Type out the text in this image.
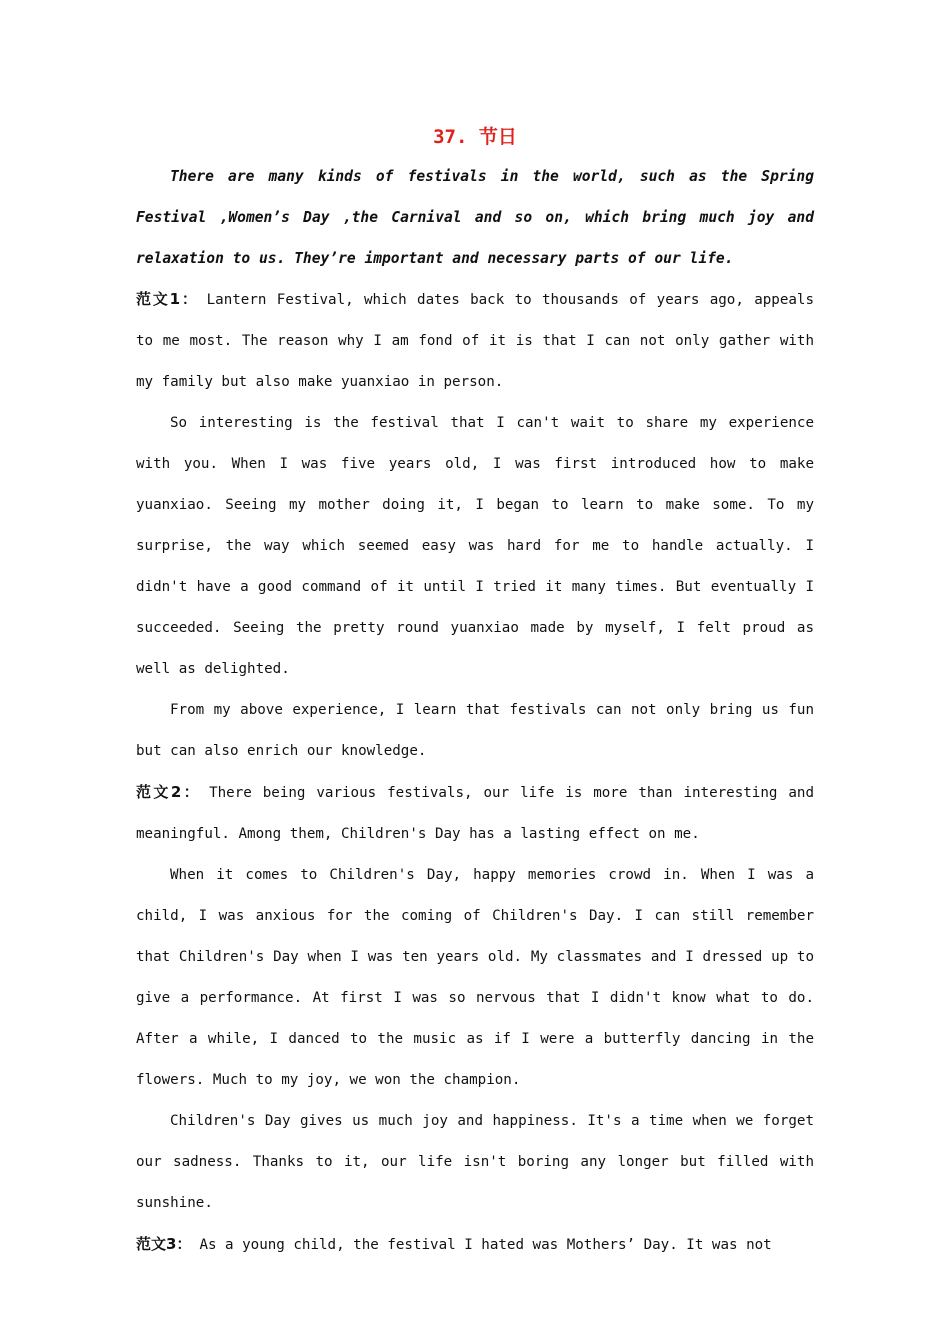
37. 节日

There are many kinds of festivals in the world, such as the Spring Festival ,Women’s Day ,the Carnival and so on, which bring much joy and relaxation to us. They’re important and necessary parts of our life.

范文1： Lantern Festival, which dates back to thousands of years ago, appeals to me most. The reason why I am fond of it is that I can not only gather with my family but also make yuanxiao in person.

So interesting is the festival that I can't wait to share my experience with you. When I was five years old, I was first introduced how to make yuanxiao. Seeing my mother doing it, I began to learn to make some. To my surprise, the way which seemed easy was hard for me to handle actually. I didn't have a good command of it until I tried it many times. But eventually I succeeded. Seeing the pretty round yuanxiao made by myself, I felt proud as well as delighted.

From my above experience, I learn that festivals can not only bring us fun but can also enrich our knowledge.

范文2： There being various festivals, our life is more than interesting and meaningful. Among them, Children's Day has a lasting effect on me.

When it comes to Children's Day, happy memories crowd in. When I was a child, I was anxious for the coming of Children's Day. I can still remember that Children's Day when I was ten years old. My classmates and I dressed up to give a performance. At first I was so nervous that I didn't know what to do. After a while, I danced to the music as if I were a butterfly dancing in the flowers. Much to my joy, we won the champion.

Children's Day gives us much joy and happiness. It's a time when we forget our sadness. Thanks to it, our life isn't boring any longer but filled with sunshine.

范文3： As a young child, the festival I hated was Mothers’ Day. It was not
